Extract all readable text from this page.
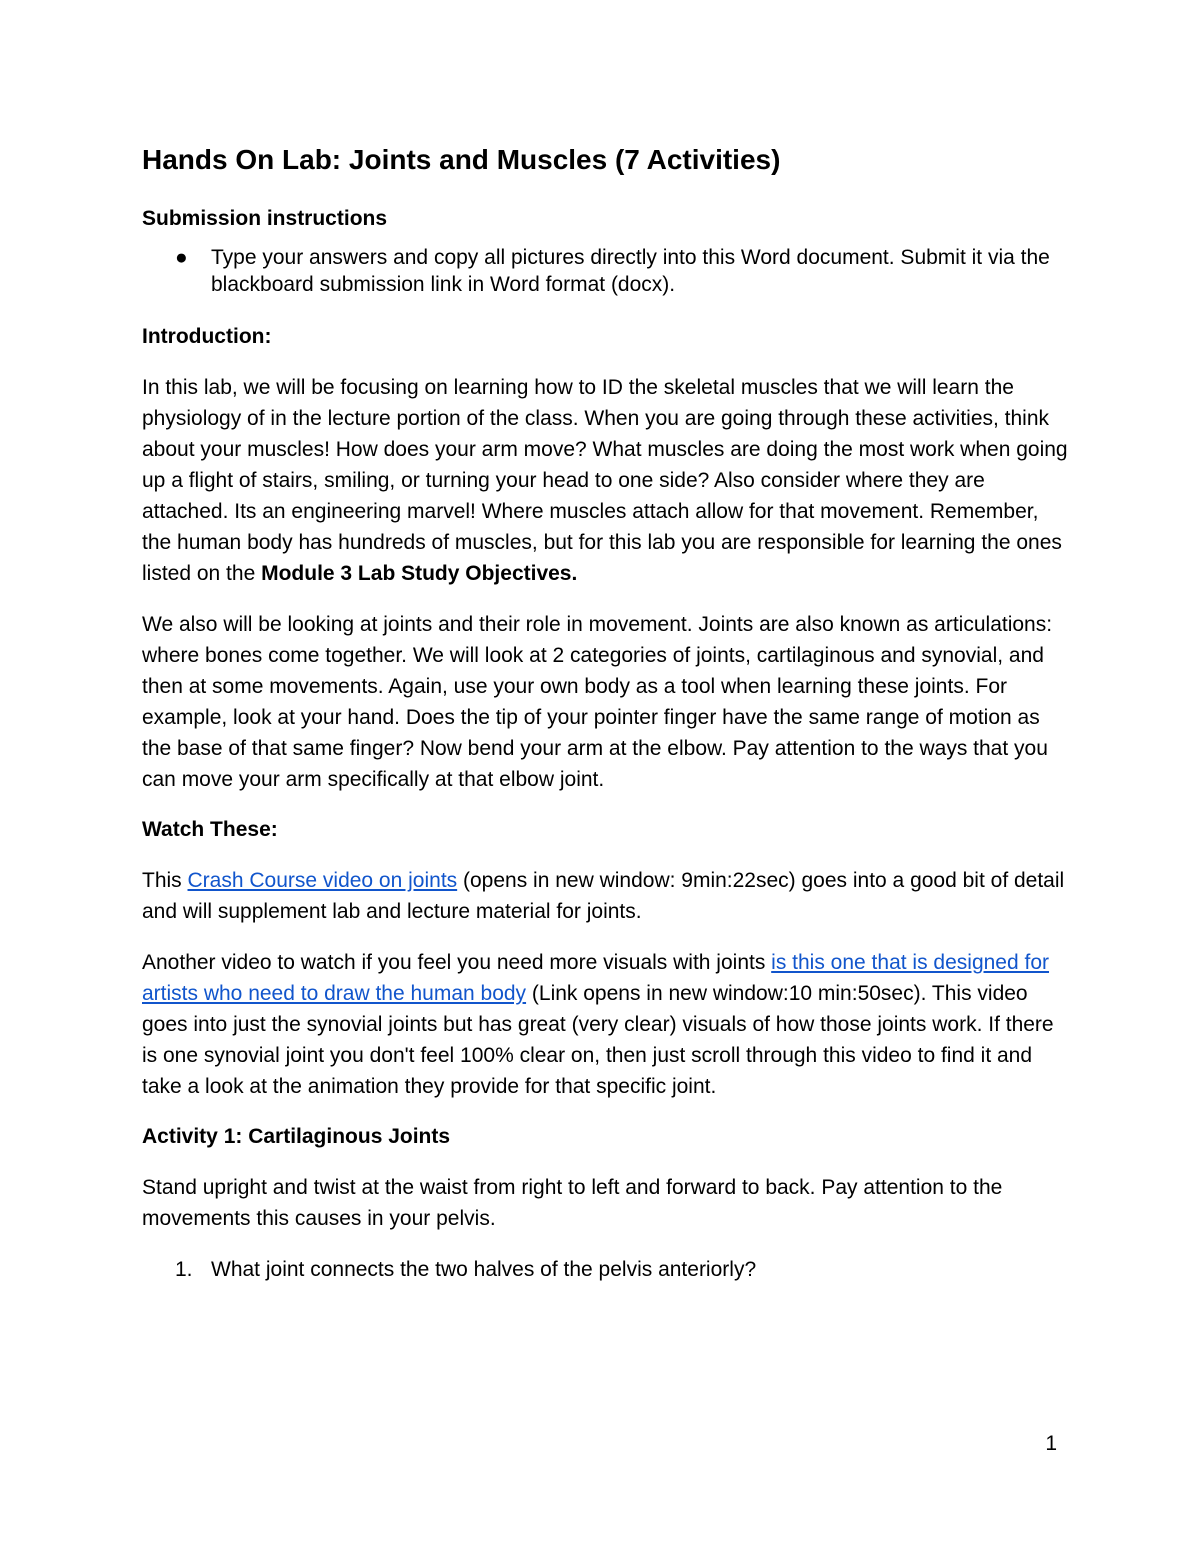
Hands On Lab: Joints and Muscles (7 Activities)
Submission instructions
● Type your answers and copy all pictures directly into this Word document. Submit it via the blackboard submission link in Word format (docx).
Introduction:

In this lab, we will be focusing on learning how to ID the skeletal muscles that we will learn the physiology of in the lecture portion of the class. When you are going through these activities, think about your muscles! How does your arm move? What muscles are doing the most work when going up a flight of stairs, smiling, or turning your head to one side? Also consider where they are attached. Its an engineering marvel! Where muscles attach allow for that movement. Remember, the human body has hundreds of muscles, but for this lab you are responsible for learning the ones listed on the Module 3 Lab Study Objectives.

We also will be looking at joints and their role in movement. Joints are also known as articulations: where bones come together. We will look at 2 categories of joints, cartilaginous and synovial, and then at some movements. Again, use your own body as a tool when learning these joints. For example, look at your hand. Does the tip of your pointer finger have the same range of motion as the base of that same finger? Now bend your arm at the elbow. Pay attention to the ways that you can move your arm specifically at that elbow joint.

Watch These:

This Crash Course video on joints (opens in new window: 9min:22sec) goes into a good bit of detail and will supplement lab and lecture material for joints.

Another video to watch if you feel you need more visuals with joints is this one that is designed for artists who need to draw the human body (Link opens in new window:10 min:50sec). This video goes into just the synovial joints but has great (very clear) visuals of how those joints work. If there is one synovial joint you don't feel 100% clear on, then just scroll through this video to find it and take a look at the animation they provide for that specific joint.

Activity 1: Cartilaginous Joints

Stand upright and twist at the waist from right to left and forward to back. Pay attention to the movements this causes in your pelvis.

1. What joint connects the two halves of the pelvis anteriorly?
1
